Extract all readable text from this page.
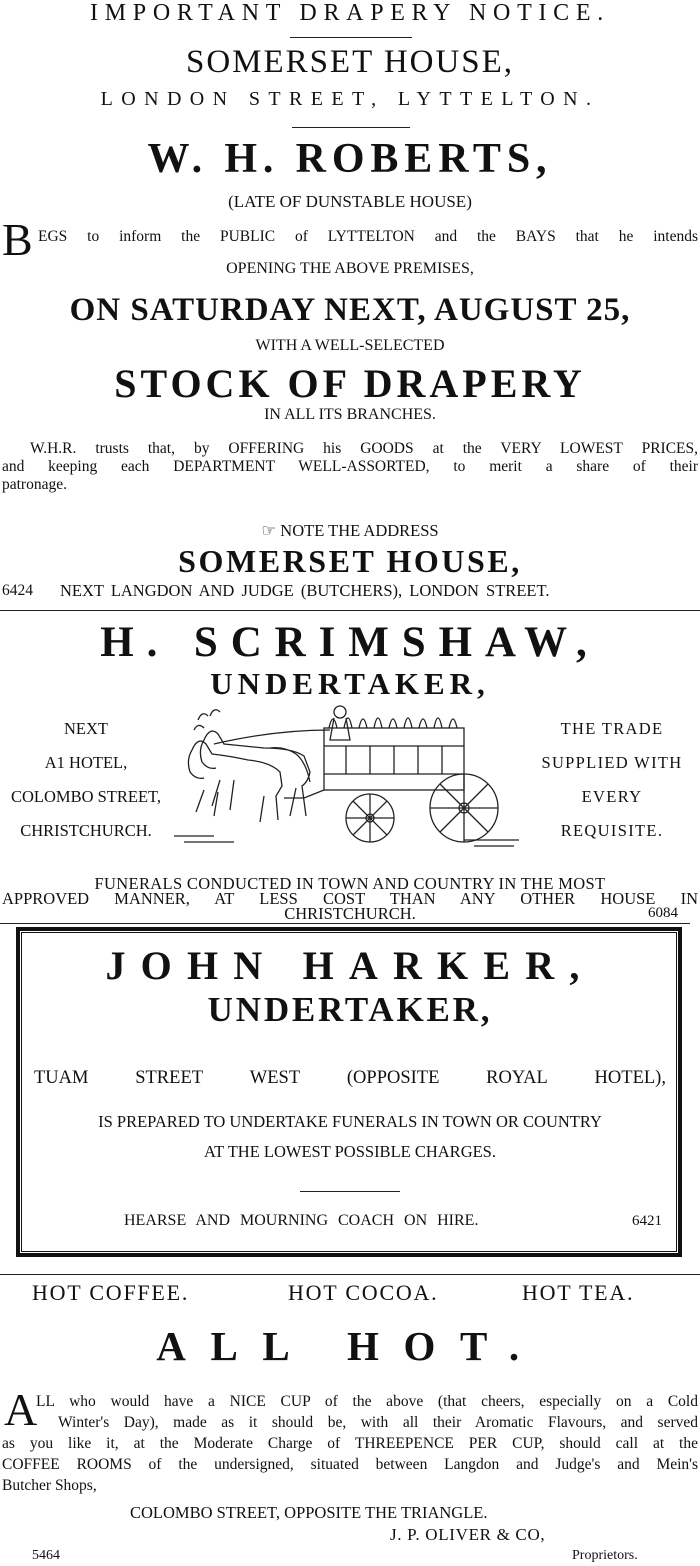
IMPORTANT DRAPERY NOTICE.
SOMERSET HOUSE,
LONDON STREET, LYTTELTON.
W. H. ROBERTS,
(LATE OF DUNSTABLE HOUSE)
B EGS to inform the PUBLIC of LYTTELTON and the BAYS that he intends
OPENING THE ABOVE PREMISES,
ON SATURDAY NEXT, AUGUST 25,
WITH A WELL-SELECTED
STOCK OF DRAPERY
IN ALL ITS BRANCHES.
W.H.R. trusts that, by OFFERING his GOODS at the VERY LOWEST PRICES,
and keeping each DEPARTMENT WELL-ASSORTED, to merit a share of their
patronage.
☞ NOTE THE ADDRESS
SOMERSET HOUSE,
6424 NEXT LANGDON AND JUDGE (BUTCHERS), LONDON STREET.
H. SCRIMSHAW,
UNDERTAKER,
NEXT
A1 HOTEL,
COLOMBO STREET,
CHRISTCHURCH.
THE TRADE
SUPPLIED WITH
EVERY
REQUISITE.
FUNERALS CONDUCTED IN TOWN AND COUNTRY IN THE MOST
APPROVED MANNER, AT LESS COST THAN ANY OTHER HOUSE IN
CHRISTCHURCH.	6084
JOHN HARKER,
UNDERTAKER,
TUAM	STREET	WEST	(OPPOSITE	ROYAL	HOTEL),
IS PREPARED TO UNDERTAKE FUNERALS IN TOWN OR COUNTRY
AT THE LOWEST POSSIBLE CHARGES.
HEARSE AND MOURNING COACH ON HIRE.	6421
HOT COFFEE.	HOT COCOA.	HOT TEA.
ALL HOT.
A
LL who would have a NICE CUP of the above (that cheers, especially on a Cold
Winter's Day), made as it should be, with all their Aromatic Flavours, and served
as you like it, at the Moderate Charge of THREEPENCE PER CUP, should call at the
COFFEE ROOMS of the undersigned, situated between Langdon and Judge's and Mein's
Butcher Shops,
COLOMBO STREET, OPPOSITE THE TRIANGLE.
J. P. OLIVER & CO,
5464	Proprietors.
